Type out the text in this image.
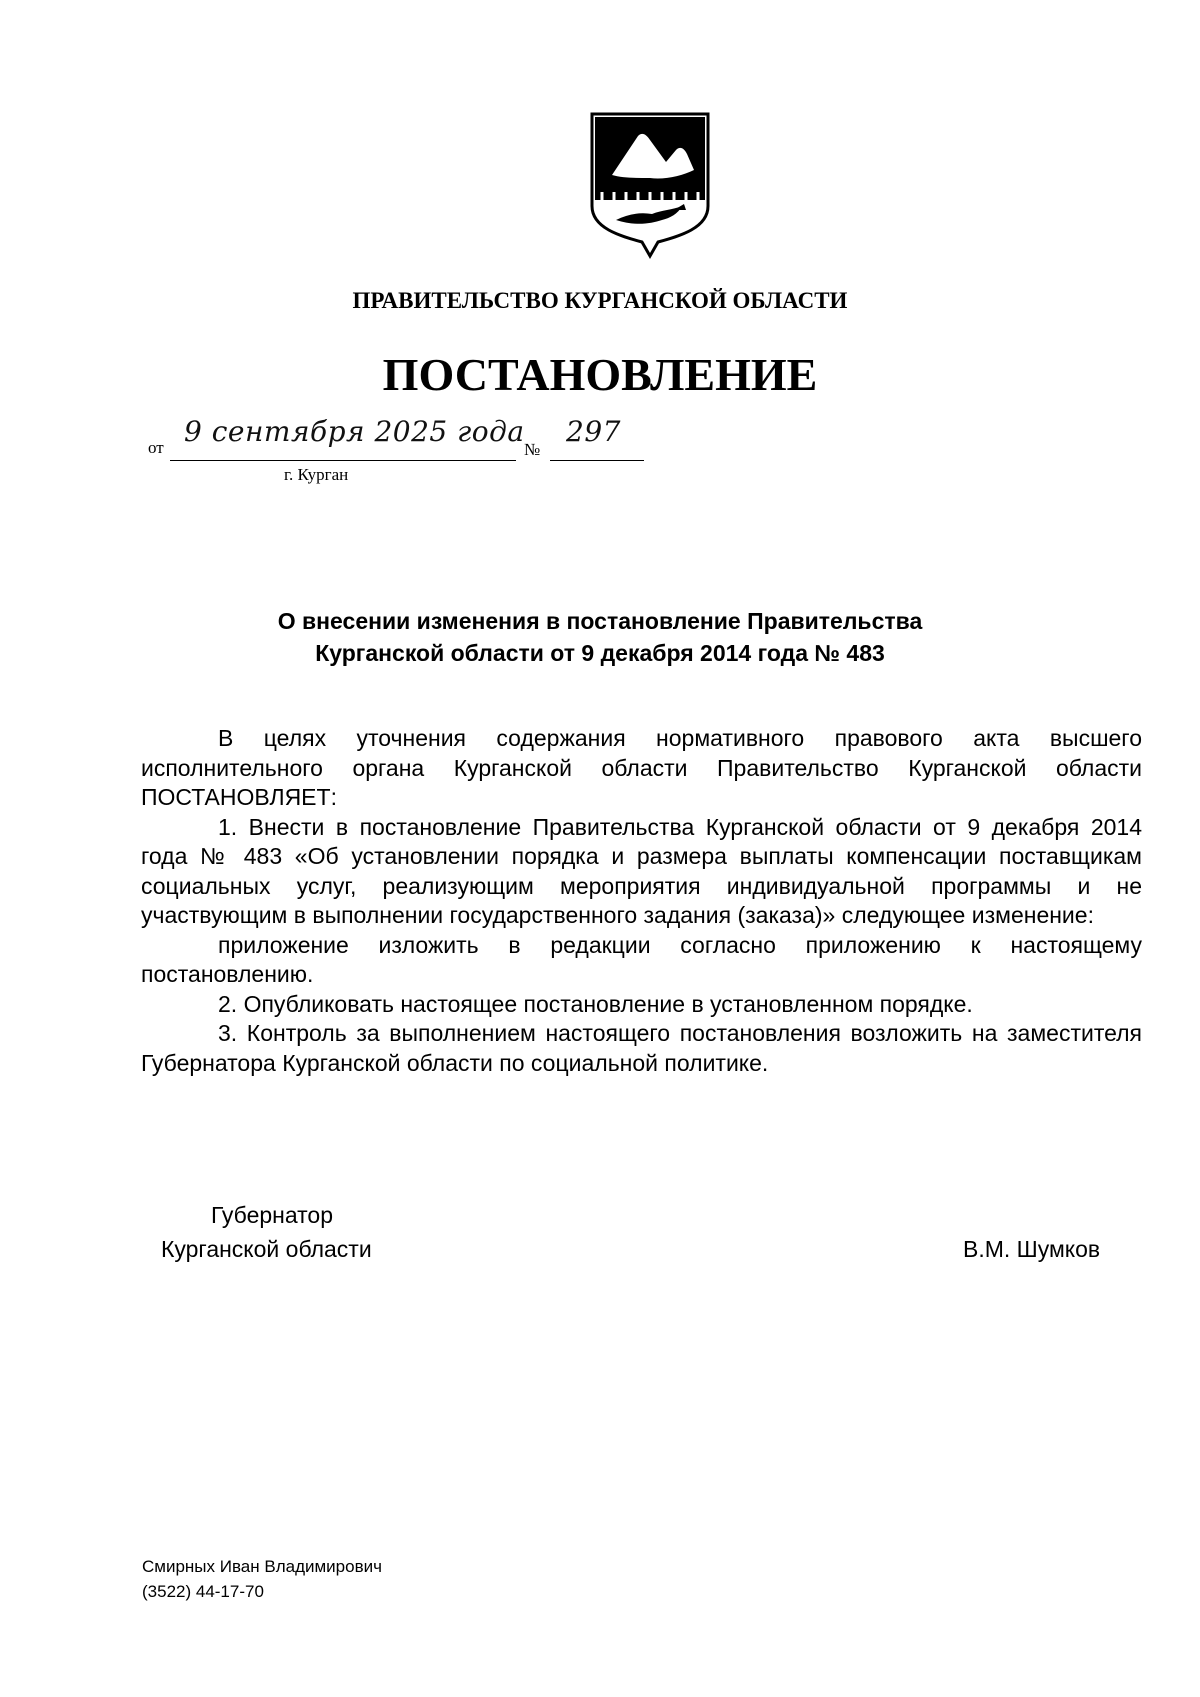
ПРАВИТЕЛЬСТВО КУРГАНСКОЙ ОБЛАСТИ
ПОСТАНОВЛЕНИЕ
от 9 сентября 2025 года
№
297
г. Курган
О внесении изменения в постановление Правительства
Курганской области от 9 декабря 2014 года № 483

В целях уточнения содержания нормативного правового акта высшего исполнительного органа Курганской области Правительство Курганской области ПОСТАНОВЛЯЕТ:

1. Внести в постановление Правительства Курганской области от 9 декабря 2014 года № 483 «Об установлении порядка и размера выплаты компенсации поставщикам социальных услуг, реализующим мероприятия индивидуальной программы и не участвующим в выполнении государственного задания (заказа)» следующее изменение:

приложение изложить в редакции согласно приложению к настоящему постановлению.

2. Опубликовать настоящее постановление в установленном порядке.

3. Контроль за выполнением настоящего постановления возложить на заместителя Губернатора Курганской области по социальной политике.

Губернатор
Курганской области	В.М. Шумков
Смирных Иван Владимирович
(3522) 44-17-70
